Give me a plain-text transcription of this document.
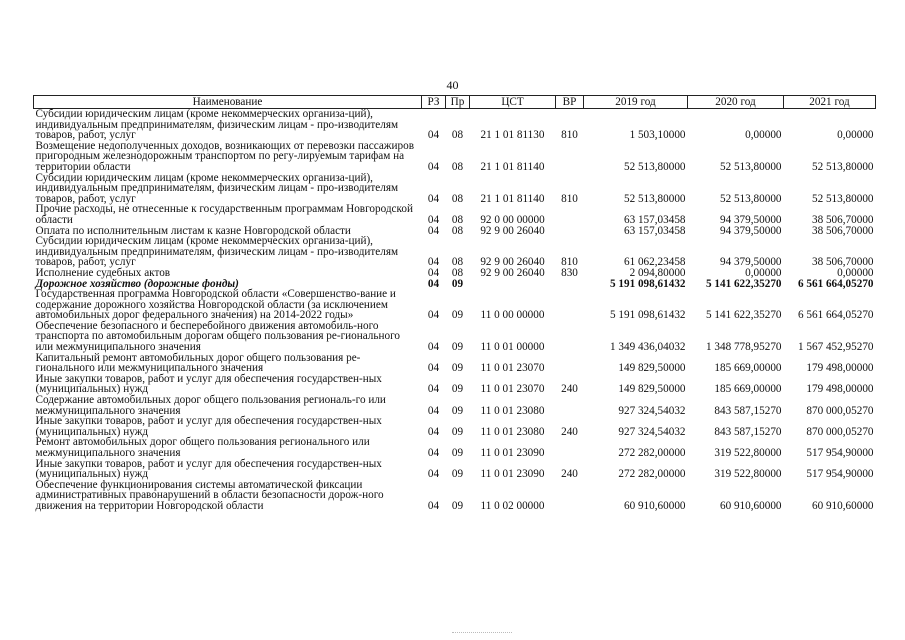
40
Наименование	РЗ	Пр	ЦСТ	ВР	2019 год	2020 год	2021 год
Субсидии юридическим лицам (кроме некоммерческих организа-ций), индивидуальным предпринимателям, физическим лицам - про-изводителям товаров, работ, услуг	04	08	21 1 01 81130	810	1 503,10000	0,00000	0,00000
Возмещение недополученных доходов, возникающих от перевозки пассажиров пригородным железнодорожным транспортом по регу-лируемым тарифам на территории области	04	08	21 1 01 81140		52 513,80000	52 513,80000	52 513,80000
Субсидии юридическим лицам (кроме некоммерческих организа-ций), индивидуальным предпринимателям, физическим лицам - про-изводителям товаров, работ, услуг	04	08	21 1 01 81140	810	52 513,80000	52 513,80000	52 513,80000
Прочие расходы, не отнесенные к государственным программам Новгородской области	04	08	92 0 00 00000		63 157,03458	94 379,50000	38 506,70000
Оплата по исполнительным листам к казне Новгородской области	04	08	92 9 00 26040		63 157,03458	94 379,50000	38 506,70000
Субсидии юридическим лицам (кроме некоммерческих организа-ций), индивидуальным предпринимателям, физическим лицам - про-изводителям товаров, работ, услуг	04	08	92 9 00 26040	810	61 062,23458	94 379,50000	38 506,70000
Исполнение судебных актов	04	08	92 9 00 26040	830	2 094,80000	0,00000	0,00000
Дорожное хозяйство (дорожные фонды)	04	09			5 191 098,61432	5 141 622,35270	6 561 664,05270
Государственная программа Новгородской области «Совершенство-вание и содержание дорожного хозяйства Новгородской области (за исключением автомобильных дорог федерального значения) на 2014-2022 годы»	04	09	11 0 00 00000		5 191 098,61432	5 141 622,35270	6 561 664,05270
Обеспечение безопасного и бесперебойного движения автомобиль-ного транспорта по автомобильным дорогам общего пользования ре-гионального или межмуниципального значения	04	09	11 0 01 00000		1 349 436,04032	1 348 778,95270	1 567 452,95270
Капитальный ремонт автомобильных дорог общего пользования ре-гионального или межмуниципального значения	04	09	11 0 01 23070		149 829,50000	185 669,00000	179 498,00000
Иные закупки товаров, работ и услуг для обеспечения государствен-ных (муниципальных) нужд	04	09	11 0 01 23070	240	149 829,50000	185 669,00000	179 498,00000
Содержание автомобильных дорог общего пользования региональ-го или межмуниципального значения	04	09	11 0 01 23080		927 324,54032	843 587,15270	870 000,05270
Иные закупки товаров, работ и услуг для обеспечения государствен-ных (муниципальных) нужд	04	09	11 0 01 23080	240	927 324,54032	843 587,15270	870 000,05270
Ремонт автомобильных дорог общего пользования регионального или межмуниципального значения	04	09	11 0 01 23090		272 282,00000	319 522,80000	517 954,90000
Иные закупки товаров, работ и услуг для обеспечения государствен-ных (муниципальных) нужд	04	09	11 0 01 23090	240	272 282,00000	319 522,80000	517 954,90000
Обеспечение функционирования системы автоматической фиксации административных правонарушений в области безопасности дорож-ного движения на территории Новгородской области	04	09	11 0 02 00000		60 910,60000	60 910,60000	60 910,60000
